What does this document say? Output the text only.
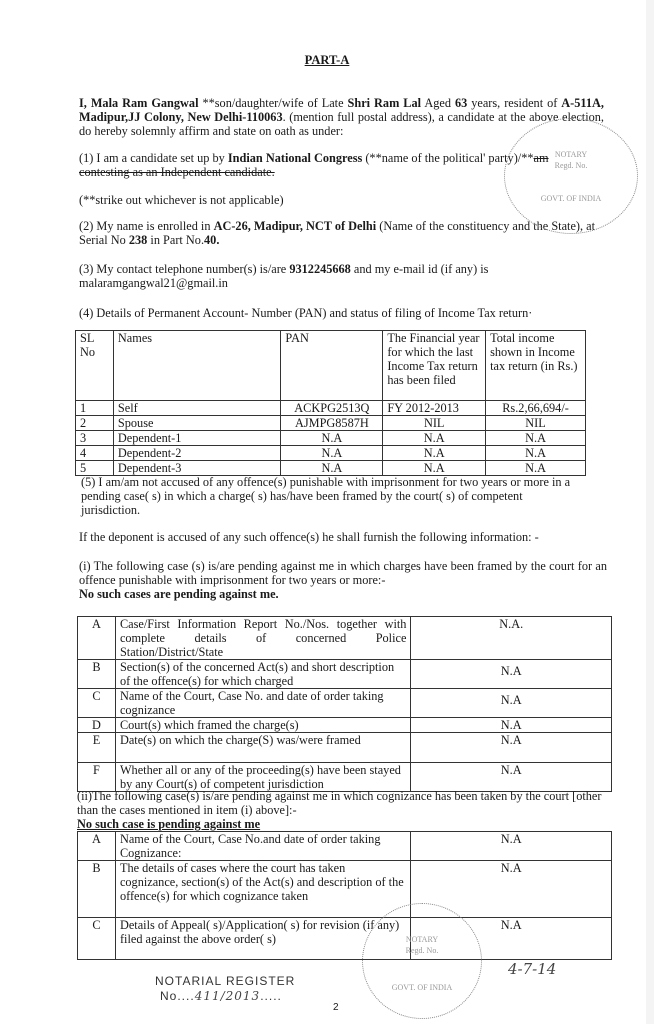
PART-A
I, Mala Ram Gangwal **son/daughter/wife of Late Shri Ram Lal Aged 63 years, resident of A-511A, Madipur,JJ Colony, New Delhi-110063. (mention full postal address), a candidate at the above election, do hereby solemnly affirm and state on oath as under:
(1) I am a candidate set up by Indian National Congress (**name of the political' party)/**am contesting as an Independent candidate.
(**strike out whichever is not applicable)
(2) My name is enrolled in AC-26, Madipur, NCT of Delhi (Name of the constituency and the State), at Serial No 238 in Part No.40.
(3) My contact telephone number(s) is/are 9312245668 and my e-mail id (if any) is malaramgangwal21@gmail.in
(4) Details of Permanent Account- Number (PAN) and status of filing of Income Tax return·
SL No	Names	PAN	The Financial year for which the last Income Tax return has been filed	Total income shown in Income tax return (in Rs.)
1	Self	ACKPG2513Q	FY 2012-2013	Rs.2,66,694/-
2	Spouse	AJMPG8587H	NIL	NIL
3	Dependent-1	N.A	N.A	N.A
4	Dependent-2	N.A	N.A	N.A
5	Dependent-3	N.A	N.A	N.A
(5) I am/am not accused of any offence(s) punishable with imprisonment for two years or more in a pending case( s) in which a charge( s) has/have been framed by the court( s) of competent jurisdiction.
If the deponent is accused of any such offence(s) he shall furnish the following information: -
(i) The following case (s) is/are pending against me in which charges have been framed by the court for an offence punishable with imprisonment for two years or more:-
No such cases are pending against me.
A	Case/First Information Report No./Nos. together with complete details of concerned Police Station/District/State	N.A.
B	Section(s) of the concerned Act(s) and short description of the offence(s) for which charged	N.A
C	Name of the Court, Case No. and date of order taking cognizance	N.A
D	Court(s) which framed the charge(s)	N.A
E	Date(s) on which the charge(S) was/were framed	N.A
F	Whether all or any of the proceeding(s) have been stayed by any Court(s) of competent jurisdiction	N.A
(ii)The following case(s) is/are pending against me in which cognizance has been taken by the court [other than the cases mentioned in item (i) above]:-
No such case is pending against me
A	Name of the Court, Case No.and date of order taking Cognizance:	N.A
B	The details of cases where the court has taken cognizance, section(s) of the Act(s) and description of the offence(s) for which cognizance taken	N.A
C	Details of Appeal( s)/Application( s) for revision (if any) filed against the above order( s)	N.A
NOTARY
Regd. No.
GOVT. OF INDIA
NOTARY
Regd. No.
GOVT. OF INDIA
NOTARIAL REGISTER
No....411/2013.....
2
4-7-14
